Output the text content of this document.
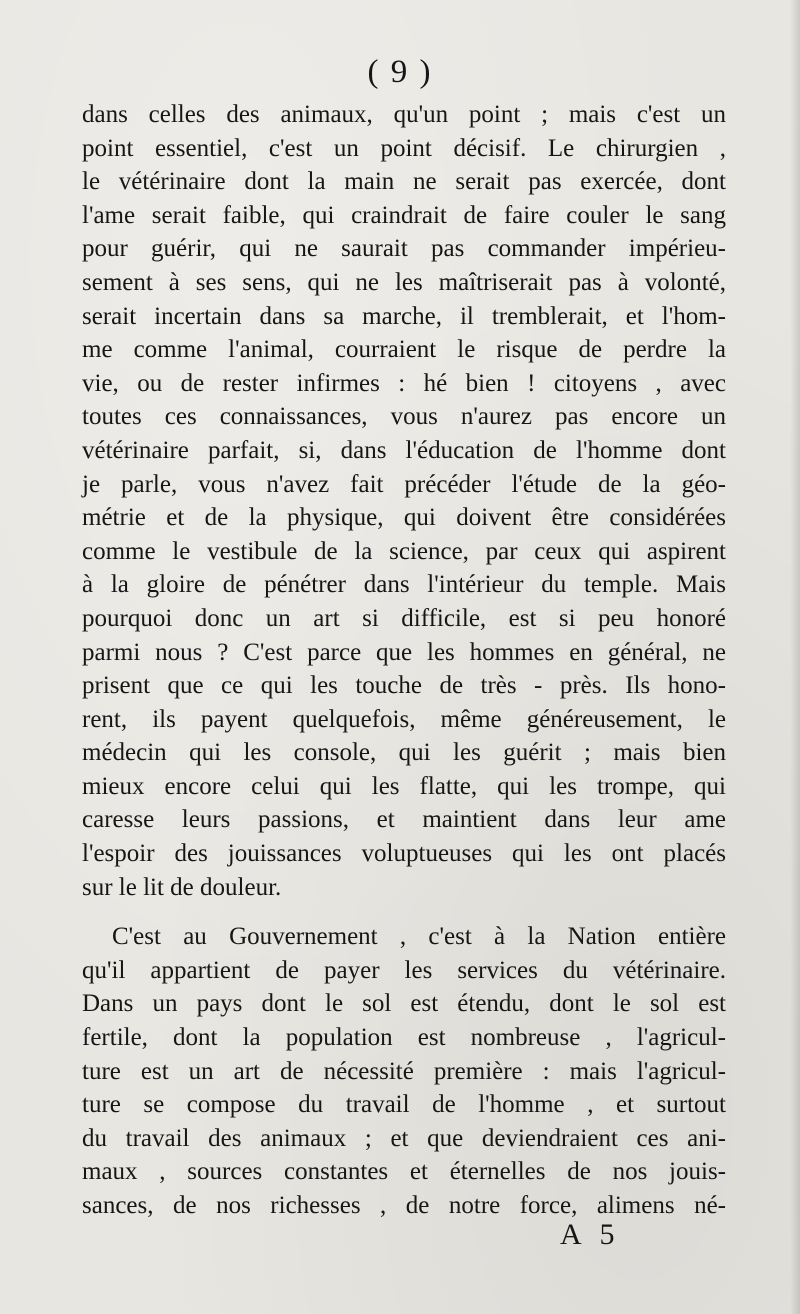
( 9 )
dans celles des animaux, qu'un point ; mais c'est un
point essentiel, c'est un point décisif. Le chirurgien ,
le vétérinaire dont la main ne serait pas exercée, dont
l'ame serait faible, qui craindrait de faire couler le sang
pour guérir, qui ne saurait pas commander impérieu-
sement à ses sens, qui ne les maîtriserait pas à volonté,
serait incertain dans sa marche, il tremblerait, et l'hom-
me comme l'animal, courraient le risque de perdre la
vie, ou de rester infirmes : hé bien ! citoyens , avec
toutes ces connaissances, vous n'aurez pas encore un
vétérinaire parfait, si, dans l'éducation de l'homme dont
je parle, vous n'avez fait précéder l'étude de la géo-
métrie et de la physique, qui doivent être considérées
comme le vestibule de la science, par ceux qui aspirent
à la gloire de pénétrer dans l'intérieur du temple. Mais
pourquoi donc un art si difficile, est si peu honoré
parmi nous ? C'est parce que les hommes en général, ne
prisent que ce qui les touche de très - près. Ils hono-
rent, ils payent quelquefois, même généreusement, le
médecin qui les console, qui les guérit ; mais bien
mieux encore celui qui les flatte, qui les trompe, qui
caresse leurs passions, et maintient dans leur ame
l'espoir des jouissances voluptueuses qui les ont placés
sur le lit de douleur.
C'est au Gouvernement , c'est à la Nation entière
qu'il appartient de payer les services du vétérinaire.
Dans un pays dont le sol est étendu, dont le sol est
fertile, dont la population est nombreuse , l'agricul-
ture est un art de nécessité première : mais l'agricul-
ture se compose du travail de l'homme , et surtout
du travail des animaux ; et que deviendraient ces ani-
maux , sources constantes et éternelles de nos jouis-
sances, de nos richesses , de notre force, alimens né-
A 5
